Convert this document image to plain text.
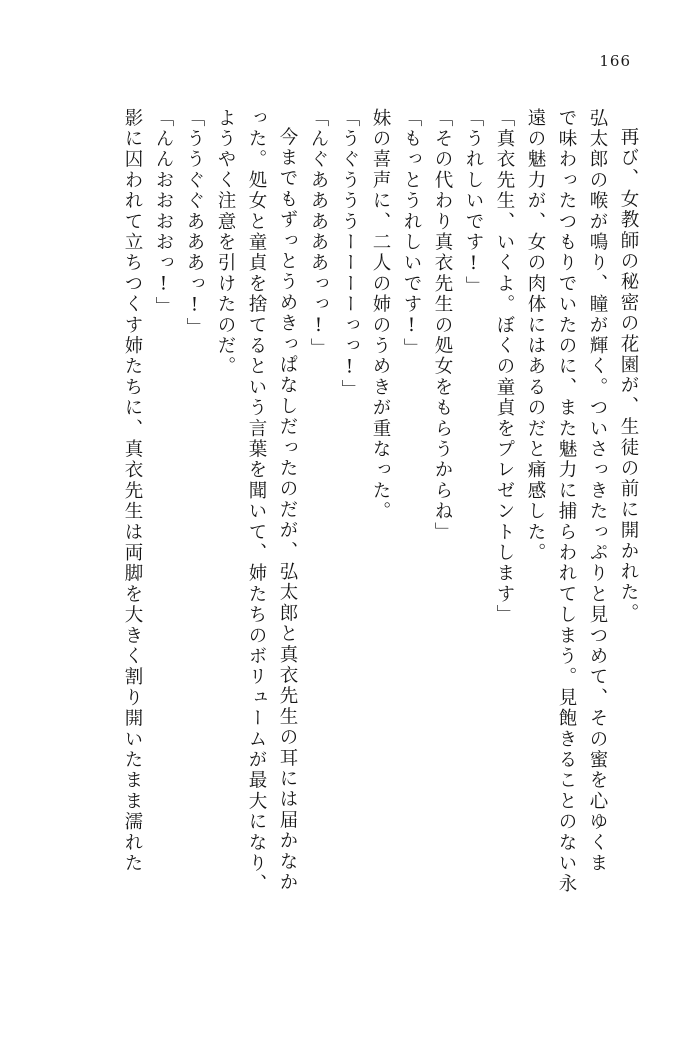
166
再び、女教師の秘密の花園が、生徒の前に開かれた。
弘太郎の喉が鳴り、瞳が輝く。ついさっきたっぷりと見つめて、その蜜を心ゆくま
で味わったつもりでいたのに、また魅力に捕らわれてしまう。見飽きることのない永
遠の魅力が、女の肉体にはあるのだと痛感した。
「真衣先生、いくよ。ぼくの童貞をプレゼントします」
「うれしいです!」
「その代わり真衣先生の処女をもらうからね」
「もっとうれしいです!」
妹の喜声に、二人の姉のうめきが重なった。
「うぐうううーーーーっっ!」
「んぐあああああっっ!」
今までもずっとうめきっぱなしだったのだが、弘太郎と真衣先生の耳には届かなか
った。処女と童貞を捨てるという言葉を聞いて、姉たちのボリュームが最大になり、
ようやく注意を引けたのだ。
「ううぐぐあああっ!」
「んんおおおおっ!」
影に囚われて立ちつくす姉たちに、真衣先生は両脚を大きく割り開いたまま濡れた
